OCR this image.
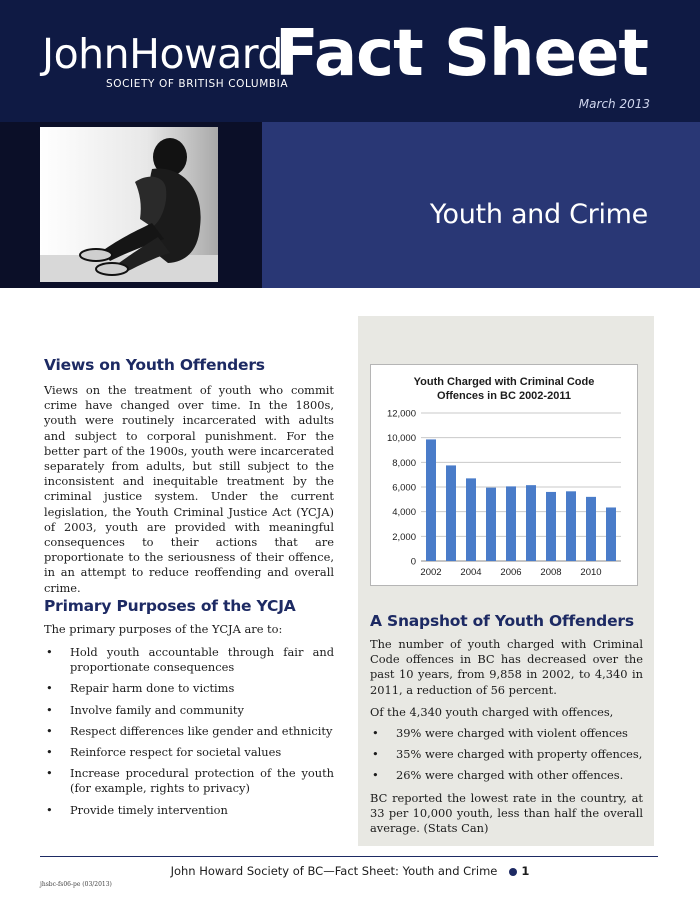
JohnHoward
SOCIETY OF BRITISH COLUMBIA
Fact Sheet
March 2013
Youth and Crime
Views on Youth Offenders

Views on the treatment of youth who commit crime have changed over time. In the 1800s, youth were routinely incarcerated with adults and subject to corporal punishment. For the better part of the 1900s, youth were incarcerated separately from adults, but still subject to the inconsistent and inequitable treatment by the criminal justice system. Under the current legislation, the Youth Criminal Justice Act (YCJA) of 2003, youth are provided with meaningful consequences to their actions that are proportionate to the seriousness of their offence, in an attempt to reduce reoffending and overall crime.

Primary Purposes of the YCJA

The primary purposes of the YCJA are to:

• Hold youth accountable through fair and proportionate consequences
• Repair harm done to victims
• Involve family and community
• Respect differences like gender and ethnicity
• Reinforce respect for societal values
• Increase procedural protection of the youth (for example, rights to privacy)
• Provide timely intervention
Youth Charged with Criminal Code
Offences in BC 2002-2011
0
2,000
4,000
6,000
8,000
10,000
12,000
2002 2004 2006 2008 2010
A Snapshot of Youth Offenders

The number of youth charged with Criminal Code offences in BC has decreased over the past 10 years, from 9,858 in 2002, to 4,340 in 2011, a reduction of 56 percent.

Of the 4,340 youth charged with offences,

• 39% were charged with violent offences
• 35% were charged with property offences,
• 26% were charged with other offences.

BC reported the lowest rate in the country, at 33 per 10,000 youth, less than half the overall average. (Stats Can)

John Howard Society of BC—Fact Sheet: Youth and Crime 1
jhsbc-fs06-pe (03/2013)
